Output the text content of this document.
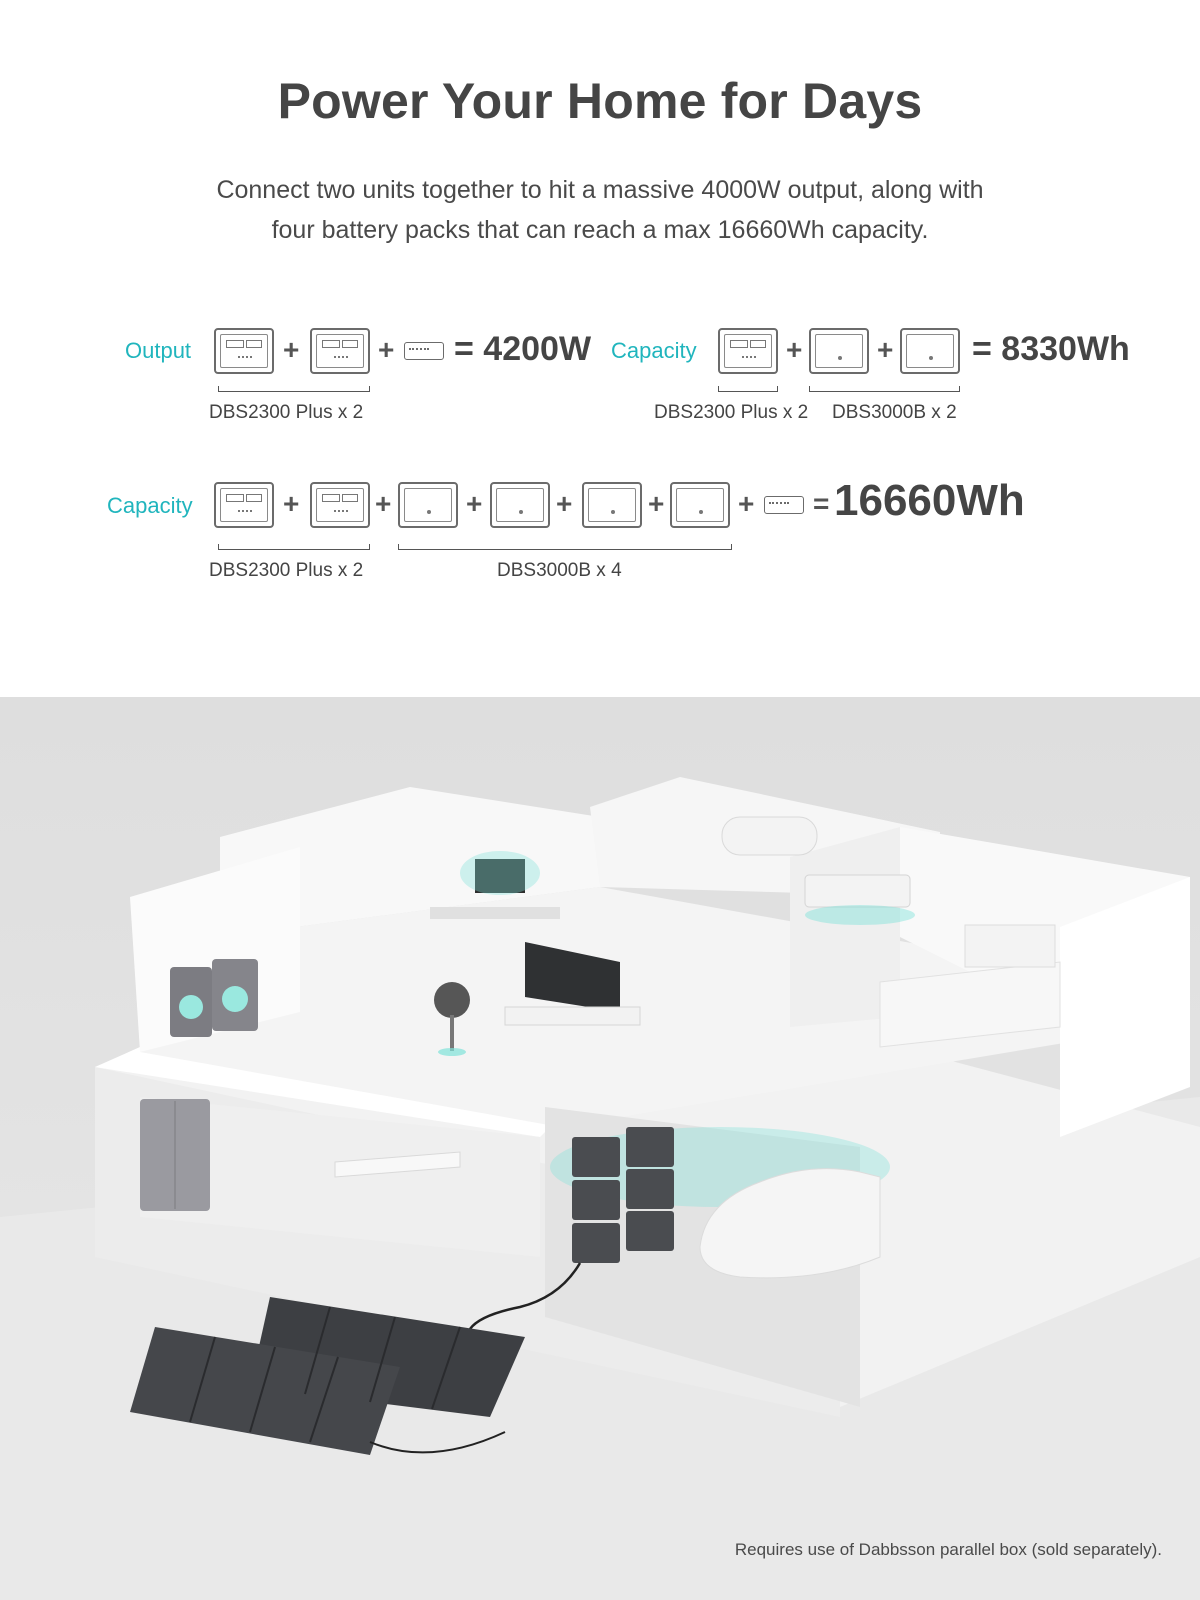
Power Your Home for Days
Connect two units together to hit a massive 4000W output, along with
four battery packs that can reach a max 16660Wh capacity.
Output	+	+ = 4200W
DBS2300 Plus x 2
Capacity	+	+ = 8330Wh
DBS2300 Plus x 2 DBS3000B x 2
Capacity	+	+	+	+	+	+ = 16660Wh
DBS2300 Plus x 2	DBS3000B x 4
Requires use of Dabbsson parallel box (sold separately).
